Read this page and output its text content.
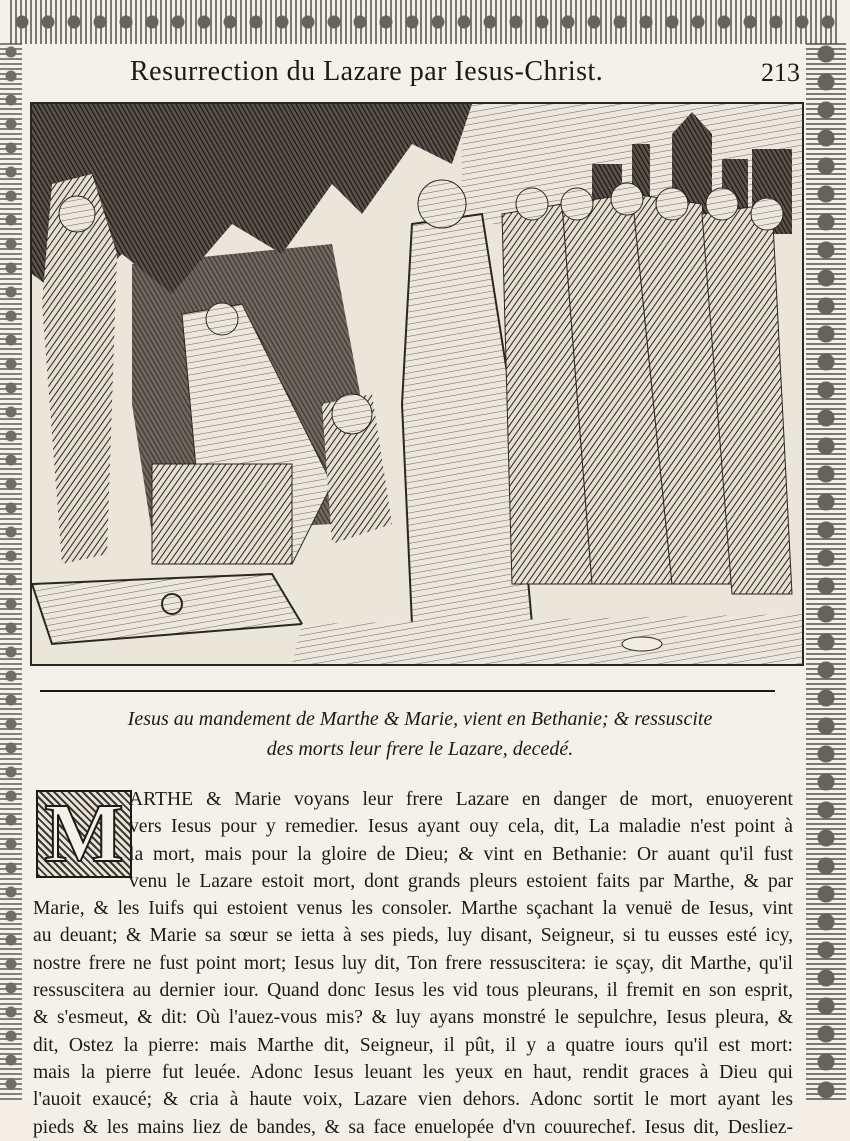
Resurrection du Lazare par Iesus-Christ.	213
Iesus au mandement de Marthe & Marie, vient en Bethanie; & ressuscite
des morts leur frere le Lazare, decedé.
M ARTHE & Marie voyans leur frere Lazare en danger de mort, enuoyerent
vers Iesus pour y remedier. Iesus ayant ouy cela, dit, La maladie n'est point à
la mort, mais pour la gloire de Dieu; & vint en Bethanie: Or auant qu'il fust
venu le Lazare estoit mort, dont grands pleurs estoient faits par Marthe, & par
Marie, & les Iuifs qui estoient venus les consoler. Marthe sçachant la venuë de Iesus, vint
au deuant; & Marie sa sœur se ietta à ses pieds, luy disant, Seigneur, si tu eusses esté icy,
nostre frere ne fust point mort; Iesus luy dit, Ton frere ressuscitera: ie sçay, dit Marthe, qu'il
ressuscitera au dernier iour. Quand donc Iesus les vid tous pleurans, il fremit en son esprit,
& s'esmeut, & dit: Où l'auez-vous mis? & luy ayans monstré le sepulchre, Iesus pleura, &
dit, Ostez la pierre: mais Marthe dit, Seigneur, il pût, il y a quatre iours qu'il est mort:
mais la pierre fut leuée. Adonc Iesus leuant les yeux en haut, rendit graces à Dieu qui
l'auoit exaucé; & cria à haute voix, Lazare vien dehors. Adonc sortit le mort ayant les
pieds & les mains liez de bandes, & sa face enuelopée d'vn couurechef. Iesus dit, Desliez-
